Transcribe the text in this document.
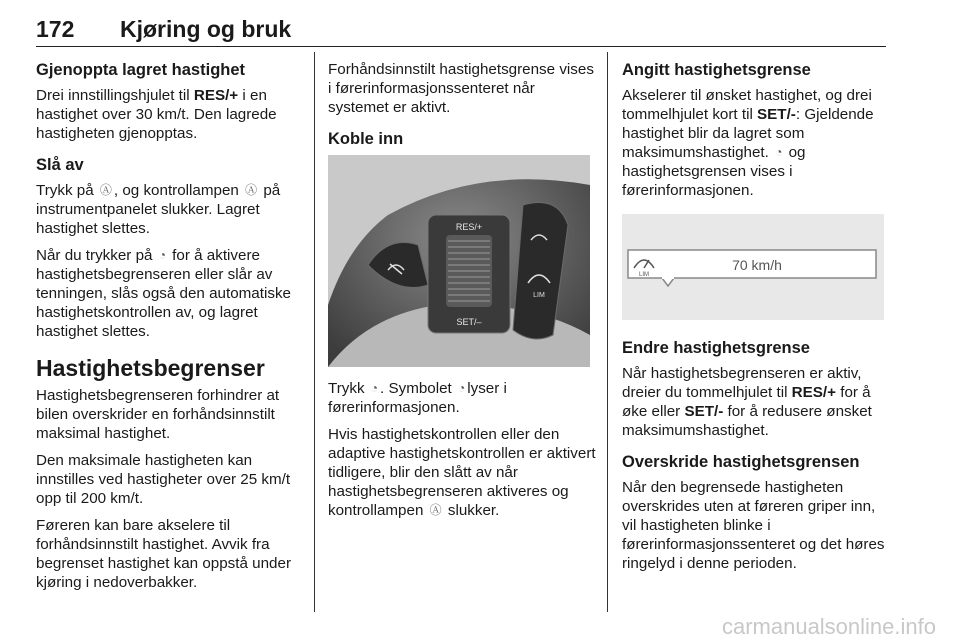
172 Kjøring og bruk
Gjenoppta lagret hastighet

Drei innstillingshjulet til RES/+ i en hastighet over 30 km/t. Den lagrede hastigheten gjenopptas.

Slå av

Trykk på Ⓐ , og kontrollampen Ⓐ på instrumentpanelet slukker. Lagret hastighet slettes.

Når du trykker på ◔ for å aktivere hastighetsbegrenseren eller slår av tenningen, slås også den automatiske hastighetskontrollen av, og lagret hastighet slettes.

Hastighetsbegrenser

Hastighetsbegrenseren forhindrer at bilen overskrider en forhåndsinnstilt maksimal hastighet.

Den maksimale hastigheten kan innstilles ved hastigheter over 25 km/t opp til 200 km/t.

Føreren kan bare akselere til forhåndsinnstilt hastighet. Avvik fra begrenset hastighet kan oppstå under kjøring i nedoverbakker.

Forhåndsinnstilt hastighetsgrense vises i førerinformasjonssenteret når systemet er aktivt.

Koble inn
RES/+
SET/–
LIM

Trykk ◔ . Symbolet ◔ lyser i førerinformasjonen.

Hvis hastighetskontrollen eller den adaptive hastighetskontrollen er aktivert tidligere, blir den slått av når hastighetsbegrenseren aktiveres og kontrollampen Ⓐ slukker.

Angitt hastighetsgrense

Akselerer til ønsket hastighet, og drei tommelhjulet kort til SET/-: Gjeldende hastighet blir da lagret som maksimumshastighet. ◔ og hastighetsgrensen vises i førerinformasjonen.

LIM
70 km/h
Endre hastighetsgrense

Når hastighetsbegrenseren er aktiv, dreier du tommelhjulet til RES/+ for å øke eller SET/- for å redusere ønsket maksimumshastighet.

Overskride hastighetsgrensen

Når den begrensede hastigheten overskrides uten at føreren griper inn, vil hastigheten blinke i førerinformasjonssenteret og det høres ringelyd i denne perioden.

carmanualsonline.info
